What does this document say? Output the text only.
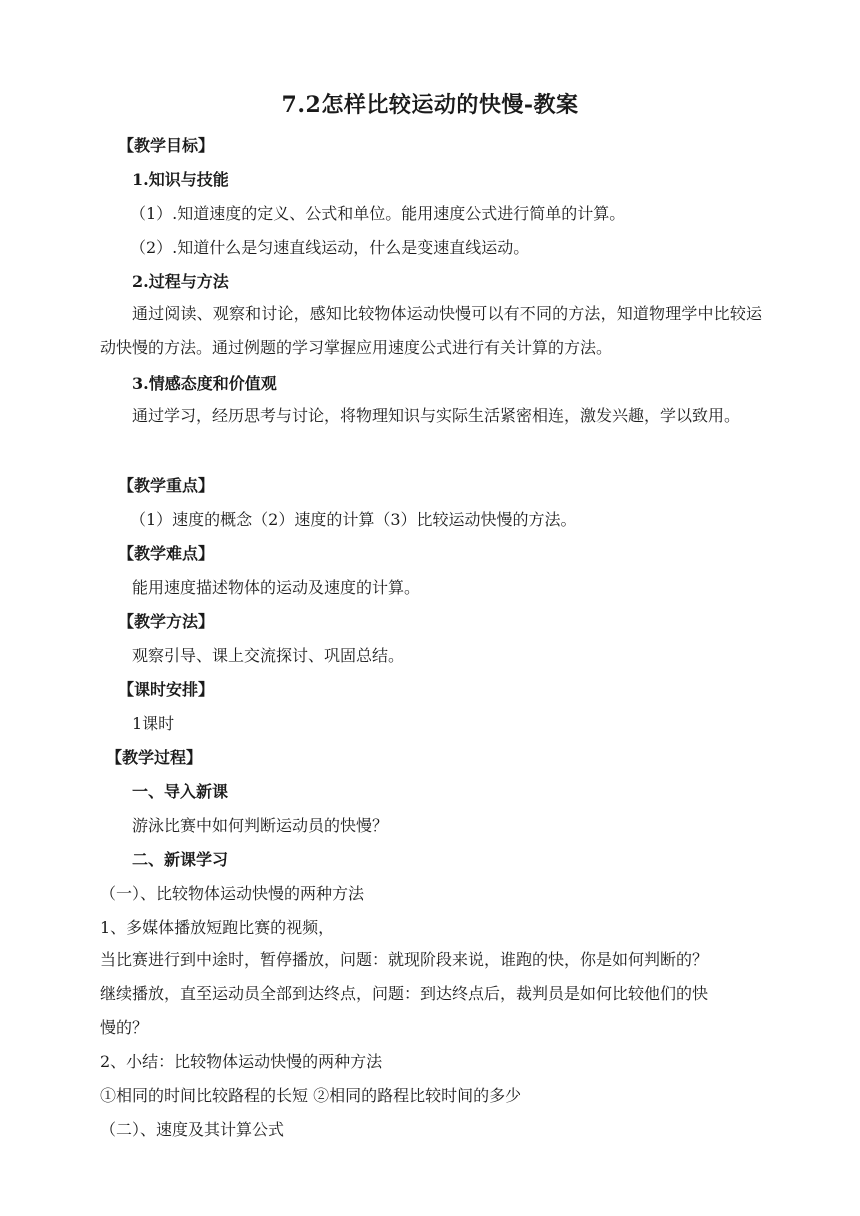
7.2怎样比较运动的快慢-教案
【教学目标】
1.知识与技能
（1）.知道速度的定义、公式和单位。能用速度公式进行简单的计算。
（2）.知道什么是匀速直线运动，什么是变速直线运动。
2.过程与方法
通过阅读、观察和讨论，感知比较物体运动快慢可以有不同的方法，知道物理学中比较运动快慢的方法。通过例题的学习掌握应用速度公式进行有关计算的方法。
3.情感态度和价值观
通过学习，经历思考与讨论，将物理知识与实际生活紧密相连，激发兴趣，学以致用。
【教学重点】
（1）速度的概念（2）速度的计算（3）比较运动快慢的方法。
【教学难点】
能用速度描述物体的运动及速度的计算。
【教学方法】
观察引导、课上交流探讨、巩固总结。
【课时安排】
1课时
【教学过程】
一、导入新课
游泳比赛中如何判断运动员的快慢？
二、新课学习
（一）、比较物体运动快慢的两种方法
1、多媒体播放短跑比赛的视频，
当比赛进行到中途时，暂停播放，问题：就现阶段来说，谁跑的快，你是如何判断的？
继续播放，直至运动员全部到达终点，问题：到达终点后，裁判员是如何比较他们的快
慢的？
2、小结：比较物体运动快慢的两种方法
①相同的时间比较路程的长短 ②相同的路程比较时间的多少
（二）、速度及其计算公式
